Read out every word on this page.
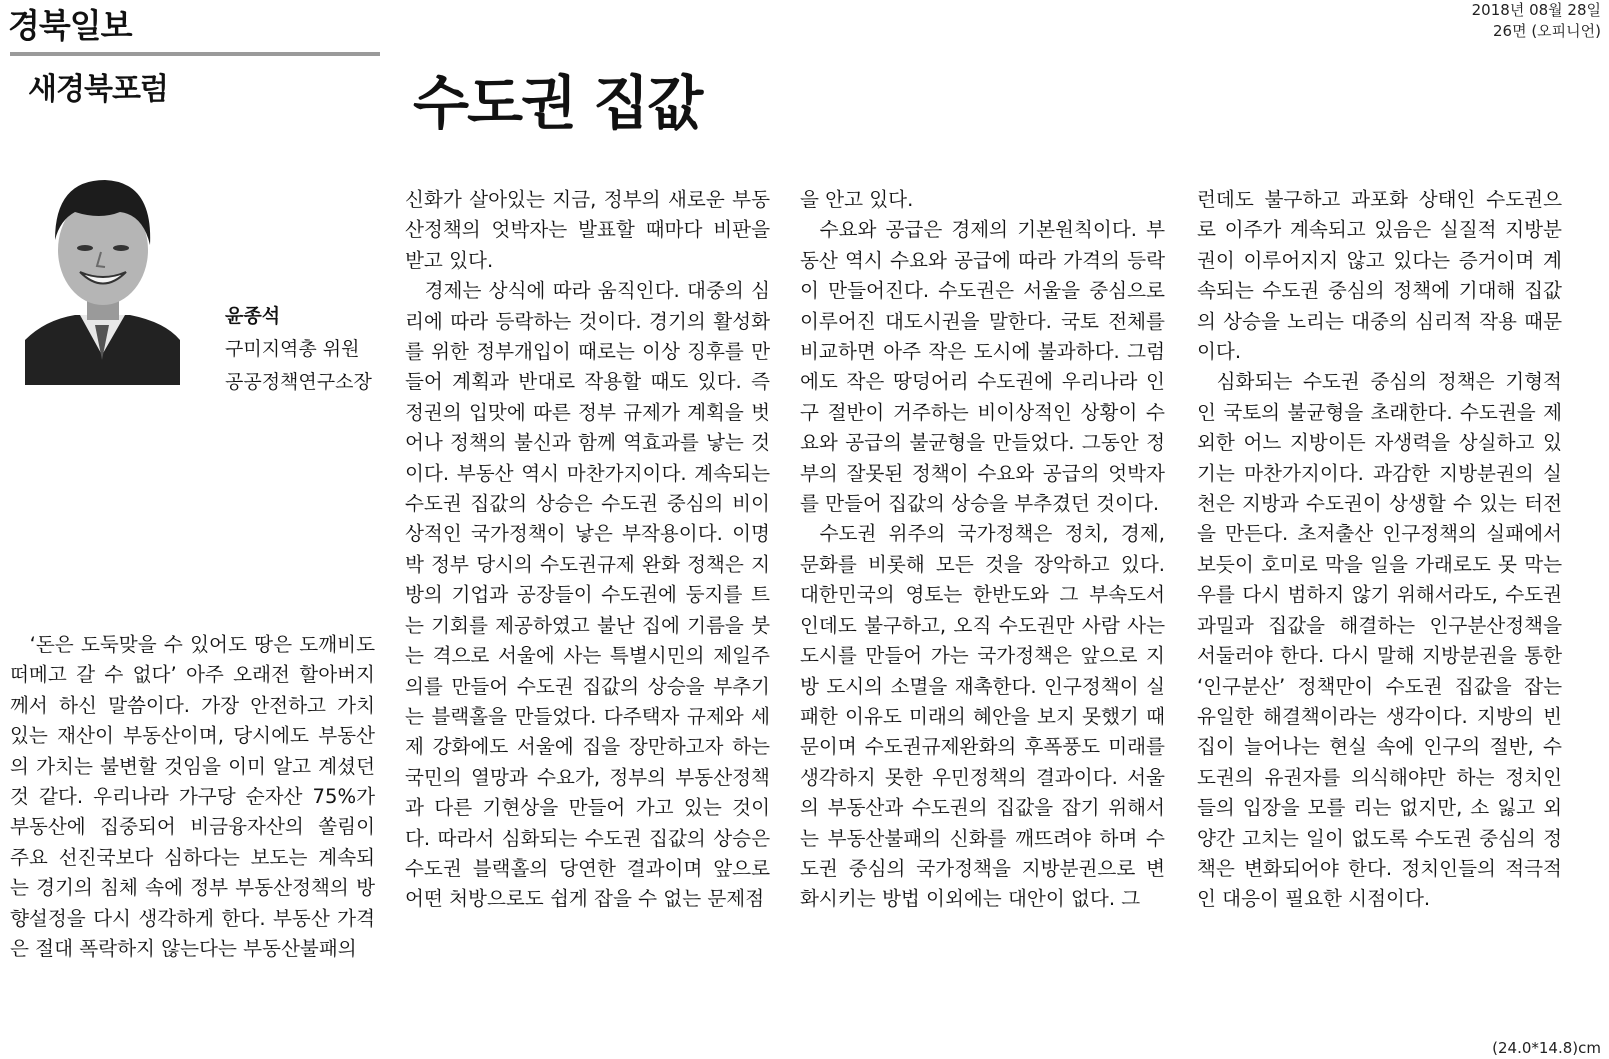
경북일보	2018년 08월 28일
26면 (오피니언)
새경북포럼	수도권 집값
윤종석
구미지역총 위원
공공정책연구소장

‘돈은 도둑맞을 수 있어도 땅은 도깨비도 떠메고 갈 수 없다’ 아주 오래전 할아버지께서 하신 말씀이다. 가장 안전하고 가치 있는 재산이 부동산이며, 당시에도 부동산의 가치는 불변할 것임을 이미 알고 계셨던 것 같다. 우리나라 가구당 순자산 75%가 부동산에 집중되어 비금융자산의 쏠림이 주요 선진국보다 심하다는 보도는 계속되는 경기의 침체 속에 정부 부동산정책의 방향설정을 다시 생각하게 한다. 부동산 가격은 절대 폭락하지 않는다는 부동산불패의

신화가 살아있는 지금, 정부의 새로운 부동산정책의 엇박자는 발표할 때마다 비판을 받고 있다.

경제는 상식에 따라 움직인다. 대중의 심리에 따라 등락하는 것이다. 경기의 활성화를 위한 정부개입이 때로는 이상 징후를 만들어 계획과 반대로 작용할 때도 있다. 즉 정권의 입맛에 따른 정부 규제가 계획을 벗어나 정책의 불신과 함께 역효과를 낳는 것이다. 부동산 역시 마찬가지이다. 계속되는 수도권 집값의 상승은 수도권 중심의 비이상적인 국가정책이 낳은 부작용이다. 이명박 정부 당시의 수도권규제 완화 정책은 지방의 기업과 공장들이 수도권에 둥지를 트는 기회를 제공하였고 불난 집에 기름을 붓는 격으로 서울에 사는 특별시민의 제일주의를 만들어 수도권 집값의 상승을 부추기는 블랙홀을 만들었다. 다주택자 규제와 세제 강화에도 서울에 집을 장만하고자 하는 국민의 열망과 수요가, 정부의 부동산정책과 다른 기현상을 만들어 가고 있는 것이다. 따라서 심화되는 수도권 집값의 상승은 수도권 블랙홀의 당연한 결과이며 앞으로 어떤 처방으로도 쉽게 잡을 수 없는 문제점

을 안고 있다.

수요와 공급은 경제의 기본원칙이다. 부동산 역시 수요와 공급에 따라 가격의 등락이 만들어진다. 수도권은 서울을 중심으로 이루어진 대도시권을 말한다. 국토 전체를 비교하면 아주 작은 도시에 불과하다. 그럼에도 작은 땅덩어리 수도권에 우리나라 인구 절반이 거주하는 비이상적인 상황이 수요와 공급의 불균형을 만들었다. 그동안 정부의 잘못된 정책이 수요와 공급의 엇박자를 만들어 집값의 상승을 부추겼던 것이다.

수도권 위주의 국가정책은 정치, 경제, 문화를 비롯해 모든 것을 장악하고 있다. 대한민국의 영토는 한반도와 그 부속도서인데도 불구하고, 오직 수도권만 사람 사는 도시를 만들어 가는 국가정책은 앞으로 지방 도시의 소멸을 재촉한다. 인구정책이 실패한 이유도 미래의 혜안을 보지 못했기 때문이며 수도권규제완화의 후폭풍도 미래를 생각하지 못한 우민정책의 결과이다. 서울의 부동산과 수도권의 집값을 잡기 위해서는 부동산불패의 신화를 깨뜨려야 하며 수도권 중심의 국가정책을 지방분권으로 변화시키는 방법 이외에는 대안이 없다. 그

런데도 불구하고 과포화 상태인 수도권으로 이주가 계속되고 있음은 실질적 지방분권이 이루어지지 않고 있다는 증거이며 계속되는 수도권 중심의 정책에 기대해 집값의 상승을 노리는 대중의 심리적 작용 때문이다.

심화되는 수도권 중심의 정책은 기형적인 국토의 불균형을 초래한다. 수도권을 제외한 어느 지방이든 자생력을 상실하고 있기는 마찬가지이다. 과감한 지방분권의 실천은 지방과 수도권이 상생할 수 있는 터전을 만든다. 초저출산 인구정책의 실패에서 보듯이 호미로 막을 일을 가래로도 못 막는 우를 다시 범하지 않기 위해서라도, 수도권 과밀과 집값을 해결하는 인구분산정책을 서둘러야 한다. 다시 말해 지방분권을 통한 ‘인구분산’ 정책만이 수도권 집값을 잡는 유일한 해결책이라는 생각이다. 지방의 빈집이 늘어나는 현실 속에 인구의 절반, 수도권의 유권자를 의식해야만 하는 정치인들의 입장을 모를 리는 없지만, 소 잃고 외양간 고치는 일이 없도록 수도권 중심의 정책은 변화되어야 한다. 정치인들의 적극적인 대응이 필요한 시점이다.

(24.0*14.8)cm
